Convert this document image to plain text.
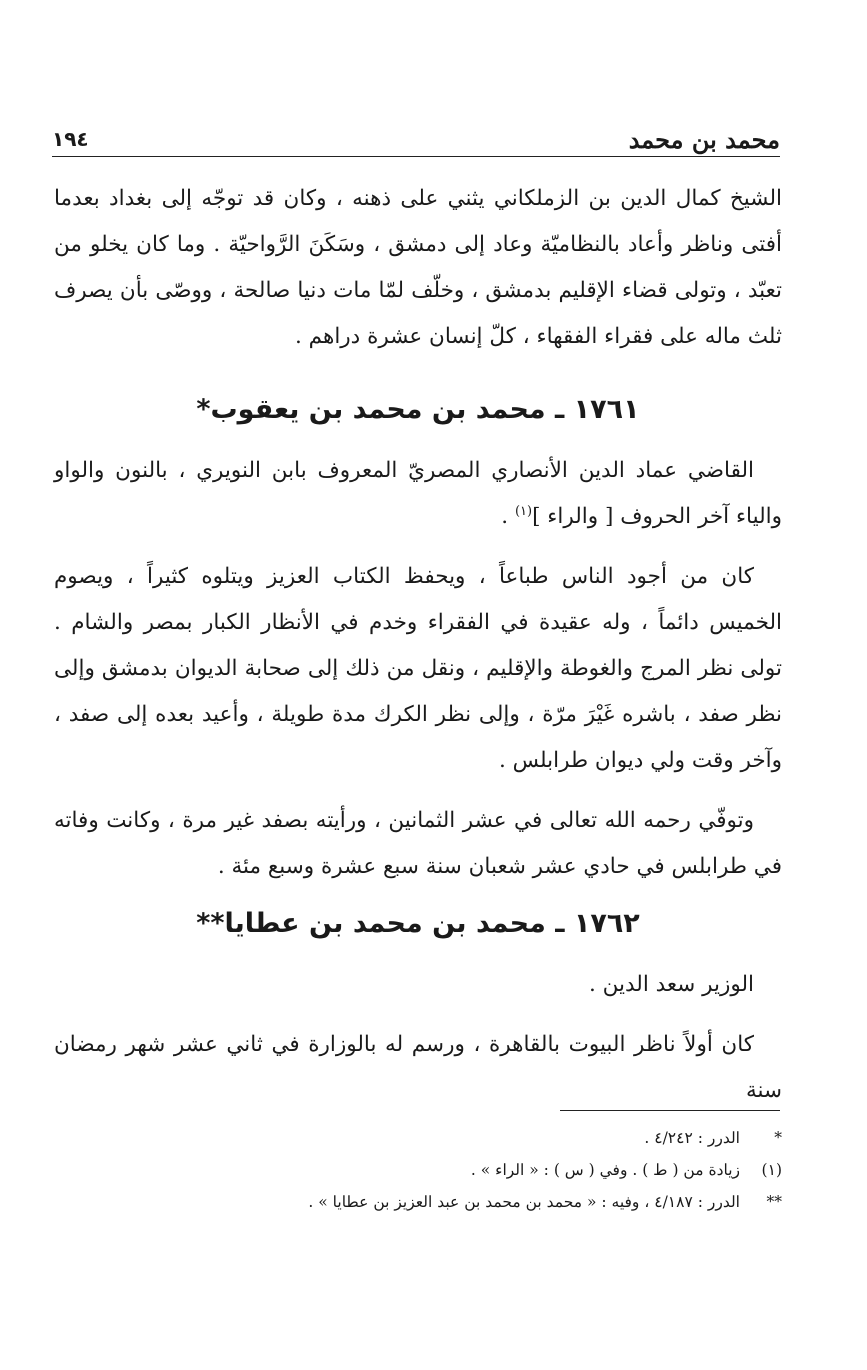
محمد بن محمد
١٩٤

الشيخ كمال الدين بن الزملكاني يثني على ذهنه ، وكان قد توجّه إلى بغداد بعدما أفتى وناظر وأعاد بالنظاميّة وعاد إلى دمشق ، وسَكَنَ الرَّواحيّة . وما كان يخلو من تعبّد ، وتولى قضاء الإقليم بدمشق ، وخلّف لمّا مات دنيا صالحة ، ووصّى بأن يصرف ثلث ماله على فقراء الفقهاء ، كلّ إنسان عشرة دراهم .

١٧٦١ ـ محمد بن محمد بن يعقوب*

القاضي عماد الدين الأنصاري المصريّ المعروف بابن النويري ، بالنون والواو والياء آخر الحروف [ والراء ]$^{(١)}$ .

كان من أجود الناس طباعاً ، ويحفظ الكتاب العزيز ويتلوه كثيراً ، ويصوم الخميس دائماً ، وله عقيدة في الفقراء وخدم في الأنظار الكبار بمصر والشام . تولى نظر المرج والغوطة والإقليم ، ونقل من ذلك إلى صحابة الديوان بدمشق وإلى نظر صفد ، باشره غَيْرَ مرّة ، وإلى نظر الكرك مدة طويلة ، وأعيد بعده إلى صفد ، وآخر وقت ولي ديوان طرابلس .

وتوفّي رحمه الله تعالى في عشر الثمانين ، ورأيته بصفد غير مرة ، وكانت وفاته في طرابلس في حادي عشر شعبان سنة سبع عشرة وسبع مئة .

١٧٦٢ ـ محمد بن محمد بن عطايا**

الوزير سعد الدين .

كان أولاً ناظر البيوت بالقاهرة ، ورسم له بالوزارة في ثاني عشر شهر رمضان سنة

*
الدرر : ٤/٢٤٢ .
(١)
زيادة من ( ط ) . وفي ( س ) : « الراء » .
**
الدرر : ٤/١٨٧ ، وفيه : « محمد بن محمد بن عبد العزيز بن عطايا » .
